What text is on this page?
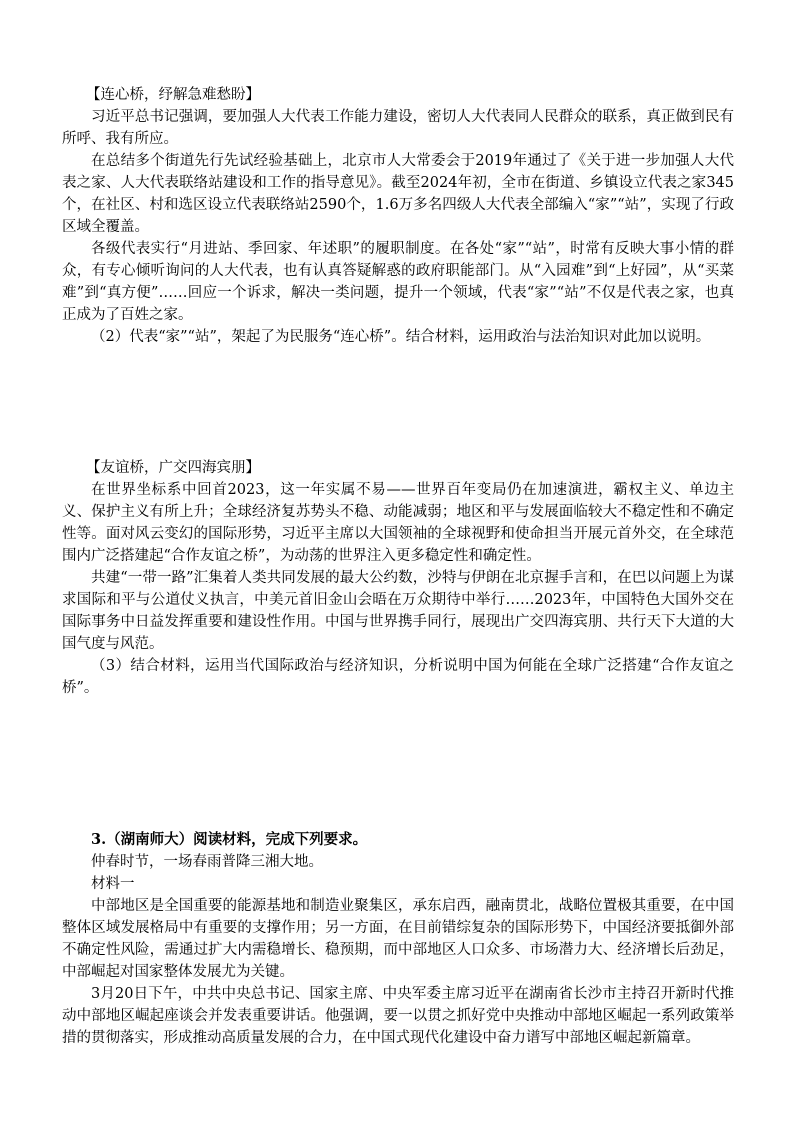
【连心桥，纾解急难愁盼】

习近平总书记强调，要加强人大代表工作能力建设，密切人大代表同人民群众的联系，真正做到民有所呼、我有所应。

在总结多个街道先行先试经验基础上，北京市人大常委会于2019年通过了《关于进一步加强人大代表之家、人大代表联络站建设和工作的指导意见》。截至2024年初，全市在街道、乡镇设立代表之家345个，在社区、村和选区设立代表联络站2590个，1.6万多名四级人大代表全部编入“家”“站”，实现了行政区域全覆盖。

各级代表实行“月进站、季回家、年述职”的履职制度。在各处“家”“站”，时常有反映大事小情的群众，有专心倾听询问的人大代表，也有认真答疑解惑的政府职能部门。从“入园难”到“上好园”，从“买菜难”到“真方便”……回应一个诉求，解决一类问题，提升一个领域，代表“家”“站”不仅是代表之家，也真正成为了百姓之家。

（2）代表“家”“站”，架起了为民服务“连心桥”。结合材料，运用政治与法治知识对此加以说明。

【友谊桥，广交四海宾朋】

在世界坐标系中回首2023，这一年实属不易——世界百年变局仍在加速演进，霸权主义、单边主义、保护主义有所上升；全球经济复苏势头不稳、动能减弱；地区和平与发展面临较大不稳定性和不确定性等。面对风云变幻的国际形势，习近平主席以大国领袖的全球视野和使命担当开展元首外交，在全球范围内广泛搭建起“合作友谊之桥”，为动荡的世界注入更多稳定性和确定性。

共建“一带一路”汇集着人类共同发展的最大公约数，沙特与伊朗在北京握手言和，在巴以问题上为谋求国际和平与公道仗义执言，中美元首旧金山会晤在万众期待中举行……2023年，中国特色大国外交在国际事务中日益发挥重要和建设性作用。中国与世界携手同行，展现出广交四海宾朋、共行天下大道的大国气度与风范。

（3）结合材料，运用当代国际政治与经济知识，分析说明中国为何能在全球广泛搭建“合作友谊之桥”。

3.（湖南师大）阅读材料，完成下列要求。

仲春时节，一场春雨普降三湘大地。

材料一

中部地区是全国重要的能源基地和制造业聚集区，承东启西，融南贯北，战略位置极其重要，在中国整体区域发展格局中有重要的支撑作用；另一方面，在目前错综复杂的国际形势下，中国经济要抵御外部不确定性风险，需通过扩大内需稳增长、稳预期，而中部地区人口众多、市场潜力大、经济增长后劲足，中部崛起对国家整体发展尤为关键。

3月20日下午，中共中央总书记、国家主席、中央军委主席习近平在湖南省长沙市主持召开新时代推动中部地区崛起座谈会并发表重要讲话。他强调，要一以贯之抓好党中央推动中部地区崛起一系列政策举措的贯彻落实，形成推动高质量发展的合力，在中国式现代化建设中奋力谱写中部地区崛起新篇章。
